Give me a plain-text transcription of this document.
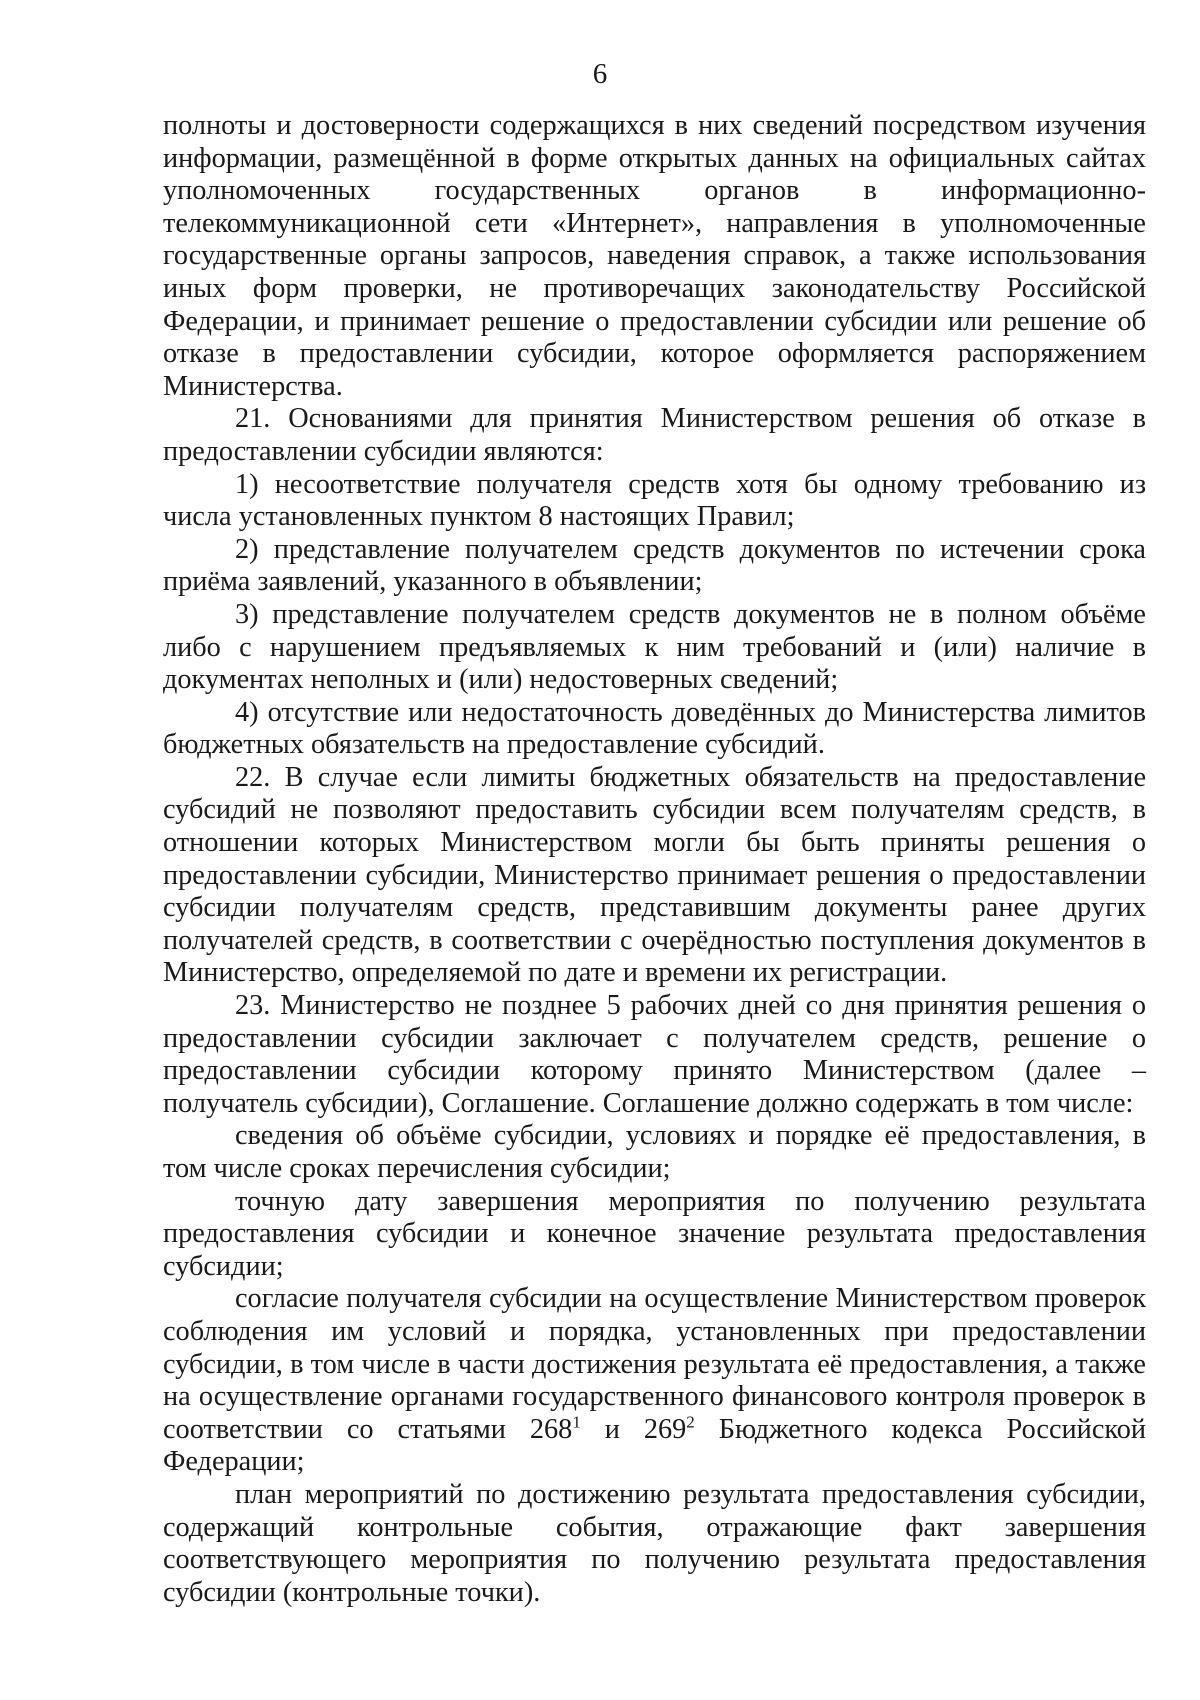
6

полноты и достоверности содержащихся в них сведений посредством изучения информации, размещённой в форме открытых данных на официальных сайтах уполномоченных государственных органов в информационно-телекоммуникационной сети «Интернет», направления в уполномоченные государственные органы запросов, наведения справок, а также использования иных форм проверки, не противоречащих законодательству Российской Федерации, и принимает решение о предоставлении субсидии или решение об отказе в предоставлении субсидии, которое оформляется распоряжением Министерства.

21. Основаниями для принятия Министерством решения об отказе в предоставлении субсидии являются:

1) несоответствие получателя средств хотя бы одному требованию из числа установленных пунктом 8 настоящих Правил;

2) представление получателем средств документов по истечении срока приёма заявлений, указанного в объявлении;

3) представление получателем средств документов не в полном объёме либо с нарушением предъявляемых к ним требований и (или) наличие в документах неполных и (или) недостоверных сведений;

4) отсутствие или недостаточность доведённых до Министерства лимитов бюджетных обязательств на предоставление субсидий.

22. В случае если лимиты бюджетных обязательств на предоставление субсидий не позволяют предоставить субсидии всем получателям средств, в отношении которых Министерством могли бы быть приняты решения о предоставлении субсидии, Министерство принимает решения о предоставлении субсидии получателям средств, представившим документы ранее других получателей средств, в соответствии с очерёдностью поступления документов в Министерство, определяемой по дате и времени их регистрации.

23. Министерство не позднее 5 рабочих дней со дня принятия решения о предоставлении субсидии заключает с получателем средств, решение о предоставлении субсидии которому принято Министерством (далее – получатель субсидии), Соглашение. Соглашение должно содержать в том числе:

сведения об объёме субсидии, условиях и порядке её предоставления, в том числе сроках перечисления субсидии;

точную дату завершения мероприятия по получению результата предоставления субсидии и конечное значение результата предоставления субсидии;

согласие получателя субсидии на осуществление Министерством проверок соблюдения им условий и порядка, установленных при предоставлении субсидии, в том числе в части достижения результата её предоставления, а также на осуществление органами государственного финансового контроля проверок в соответствии со статьями $268^1$ и $269^2$ Бюджетного кодекса Российской Федерации;

план мероприятий по достижению результата предоставления субсидии, содержащий контрольные события, отражающие факт завершения соответствующего мероприятия по получению результата предоставления субсидии (контрольные точки).
